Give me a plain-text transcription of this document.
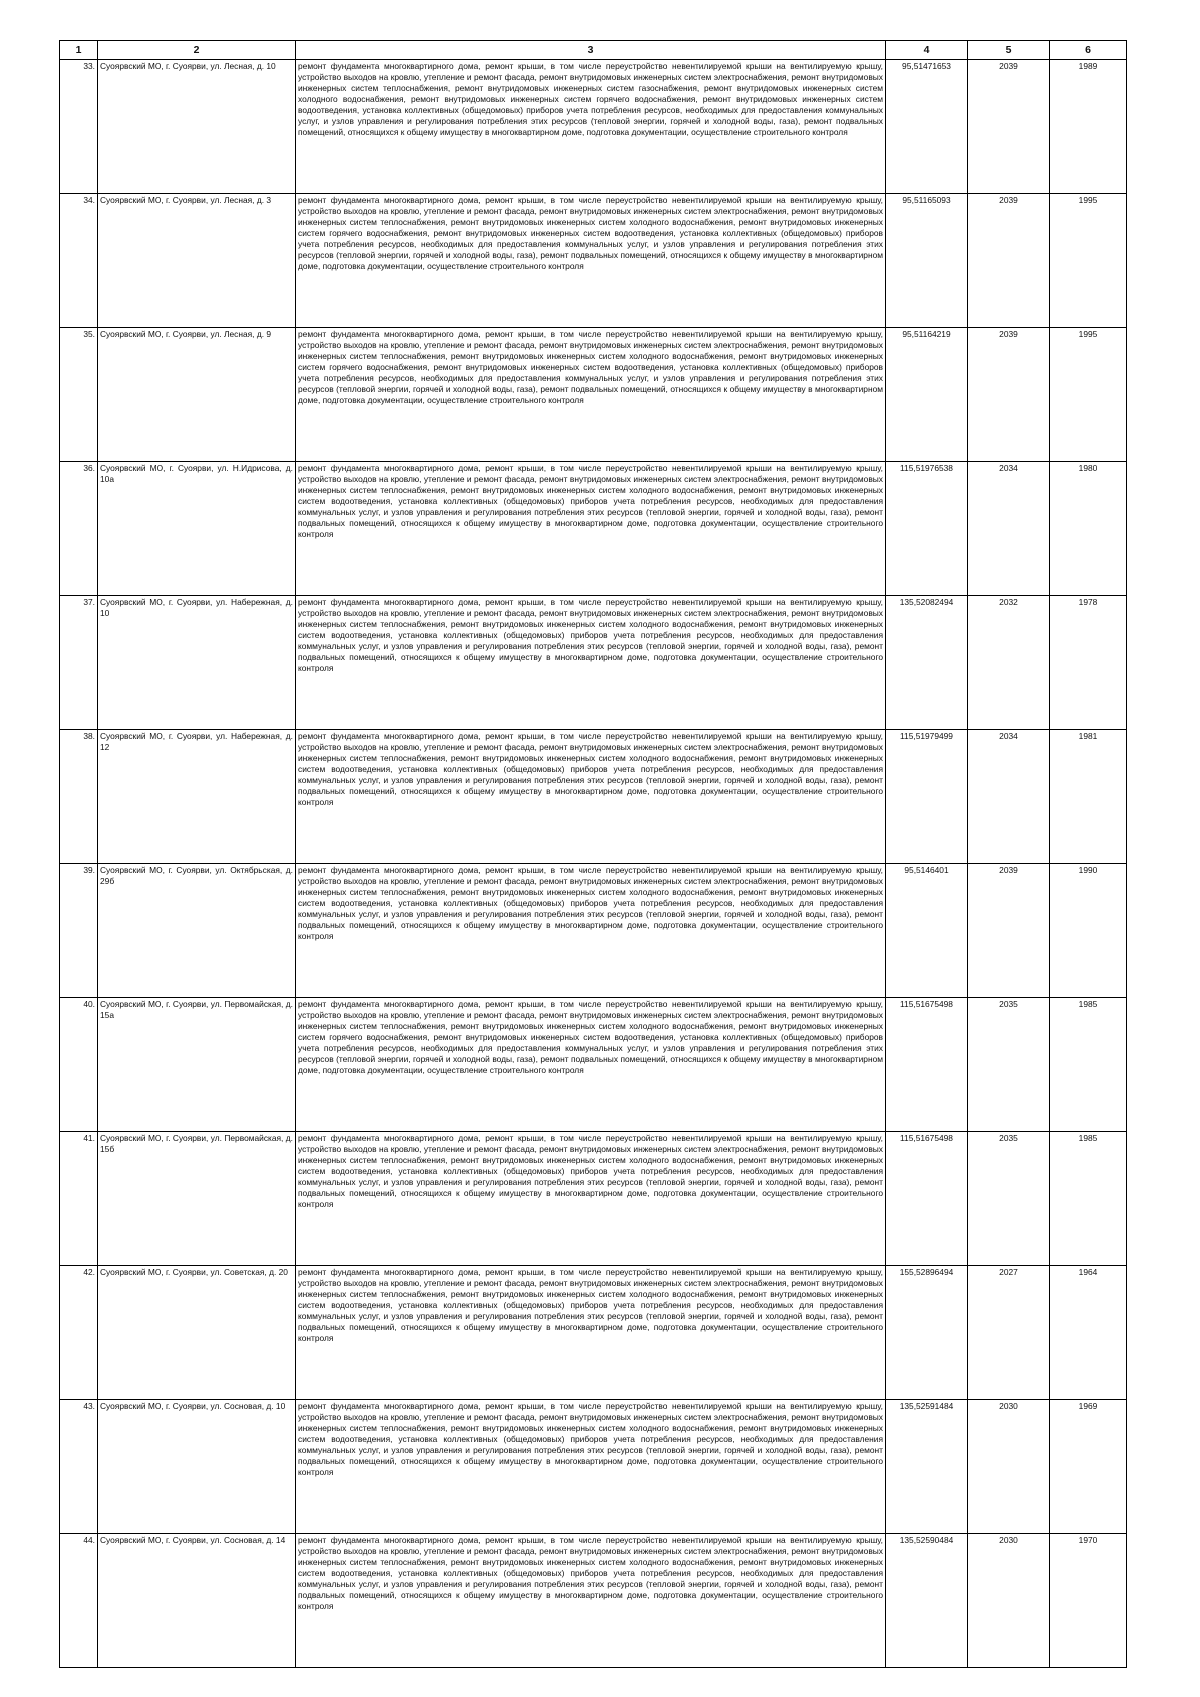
1	2	3	4	5	6
33.	Суоярвский МО, г. Суоярви, ул. Лесная, д. 10	ремонт фундамента многоквартирного дома, ремонт крыши, в том числе переустройство невентилируемой крыши на вентилируемую крышу, устройство выходов на кровлю, утепление и ремонт фасада, ремонт внутридомовых инженерных систем электроснабжения, ремонт внутридомовых инженерных систем теплоснабжения, ремонт внутридомовых инженерных систем газоснабжения, ремонт внутридомовых инженерных систем холодного водоснабжения, ремонт внутридомовых инженерных систем горячего водоснабжения, ремонт внутридомовых инженерных систем водоотведения, установка коллективных (общедомовых) приборов учета потребления ресурсов, необходимых для предоставления коммунальных услуг, и узлов управления и регулирования потребления этих ресурсов (тепловой энергии, горячей и холодной воды, газа), ремонт подвальных помещений, относящихся к общему имуществу в многоквартирном доме, подготовка документации, осуществление строительного контроля	95,51471653	2039	1989
34.	Суоярвский МО, г. Суоярви, ул. Лесная, д. 3	ремонт фундамента многоквартирного дома, ремонт крыши, в том числе переустройство невентилируемой крыши на вентилируемую крышу, устройство выходов на кровлю, утепление и ремонт фасада, ремонт внутридомовых инженерных систем электроснабжения, ремонт внутридомовых инженерных систем теплоснабжения, ремонт внутридомовых инженерных систем холодного водоснабжения, ремонт внутридомовых инженерных систем горячего водоснабжения, ремонт внутридомовых инженерных систем водоотведения, установка коллективных (общедомовых) приборов учета потребления ресурсов, необходимых для предоставления коммунальных услуг, и узлов управления и регулирования потребления этих ресурсов (тепловой энергии, горячей и холодной воды, газа), ремонт подвальных помещений, относящихся к общему имуществу в многоквартирном доме, подготовка документации, осуществление строительного контроля	95,51165093	2039	1995
35.	Суоярвский МО, г. Суоярви, ул. Лесная, д. 9	ремонт фундамента многоквартирного дома, ремонт крыши, в том числе переустройство невентилируемой крыши на вентилируемую крышу, устройство выходов на кровлю, утепление и ремонт фасада, ремонт внутридомовых инженерных систем электроснабжения, ремонт внутридомовых инженерных систем теплоснабжения, ремонт внутридомовых инженерных систем холодного водоснабжения, ремонт внутридомовых инженерных систем горячего водоснабжения, ремонт внутридомовых инженерных систем водоотведения, установка коллективных (общедомовых) приборов учета потребления ресурсов, необходимых для предоставления коммунальных услуг, и узлов управления и регулирования потребления этих ресурсов (тепловой энергии, горячей и холодной воды, газа), ремонт подвальных помещений, относящихся к общему имуществу в многоквартирном доме, подготовка документации, осуществление строительного контроля	95,51164219	2039	1995
36.	Суоярвский МО, г. Суоярви, ул. Н.Идрисова, д. 10а	ремонт фундамента многоквартирного дома, ремонт крыши, в том числе переустройство невентилируемой крыши на вентилируемую крышу, устройство выходов на кровлю, утепление и ремонт фасада, ремонт внутридомовых инженерных систем электроснабжения, ремонт внутридомовых инженерных систем теплоснабжения, ремонт внутридомовых инженерных систем холодного водоснабжения, ремонт внутридомовых инженерных систем водоотведения, установка коллективных (общедомовых) приборов учета потребления ресурсов, необходимых для предоставления коммунальных услуг, и узлов управления и регулирования потребления этих ресурсов (тепловой энергии, горячей и холодной воды, газа), ремонт подвальных помещений, относящихся к общему имуществу в многоквартирном доме, подготовка документации, осуществление строительного контроля	115,51976538	2034	1980
37.	Суоярвский МО, г. Суоярви, ул. Набережная, д. 10	ремонт фундамента многоквартирного дома, ремонт крыши, в том числе переустройство невентилируемой крыши на вентилируемую крышу, устройство выходов на кровлю, утепление и ремонт фасада, ремонт внутридомовых инженерных систем электроснабжения, ремонт внутридомовых инженерных систем теплоснабжения, ремонт внутридомовых инженерных систем холодного водоснабжения, ремонт внутридомовых инженерных систем водоотведения, установка коллективных (общедомовых) приборов учета потребления ресурсов, необходимых для предоставления коммунальных услуг, и узлов управления и регулирования потребления этих ресурсов (тепловой энергии, горячей и холодной воды, газа), ремонт подвальных помещений, относящихся к общему имуществу в многоквартирном доме, подготовка документации, осуществление строительного контроля	135,52082494	2032	1978
38.	Суоярвский МО, г. Суоярви, ул. Набережная, д. 12	ремонт фундамента многоквартирного дома, ремонт крыши, в том числе переустройство невентилируемой крыши на вентилируемую крышу, устройство выходов на кровлю, утепление и ремонт фасада, ремонт внутридомовых инженерных систем электроснабжения, ремонт внутридомовых инженерных систем теплоснабжения, ремонт внутридомовых инженерных систем холодного водоснабжения, ремонт внутридомовых инженерных систем водоотведения, установка коллективных (общедомовых) приборов учета потребления ресурсов, необходимых для предоставления коммунальных услуг, и узлов управления и регулирования потребления этих ресурсов (тепловой энергии, горячей и холодной воды, газа), ремонт подвальных помещений, относящихся к общему имуществу в многоквартирном доме, подготовка документации, осуществление строительного контроля	115,51979499	2034	1981
39.	Суоярвский МО, г. Суоярви, ул. Октябрьская, д. 29б	ремонт фундамента многоквартирного дома, ремонт крыши, в том числе переустройство невентилируемой крыши на вентилируемую крышу, устройство выходов на кровлю, утепление и ремонт фасада, ремонт внутридомовых инженерных систем электроснабжения, ремонт внутридомовых инженерных систем теплоснабжения, ремонт внутридомовых инженерных систем холодного водоснабжения, ремонт внутридомовых инженерных систем водоотведения, установка коллективных (общедомовых) приборов учета потребления ресурсов, необходимых для предоставления коммунальных услуг, и узлов управления и регулирования потребления этих ресурсов (тепловой энергии, горячей и холодной воды, газа), ремонт подвальных помещений, относящихся к общему имуществу в многоквартирном доме, подготовка документации, осуществление строительного контроля	95,5146401	2039	1990
40.	Суоярвский МО, г. Суоярви, ул. Первомайская, д. 15а	ремонт фундамента многоквартирного дома, ремонт крыши, в том числе переустройство невентилируемой крыши на вентилируемую крышу, устройство выходов на кровлю, утепление и ремонт фасада, ремонт внутридомовых инженерных систем электроснабжения, ремонт внутридомовых инженерных систем теплоснабжения, ремонт внутридомовых инженерных систем холодного водоснабжения, ремонт внутридомовых инженерных систем горячего водоснабжения, ремонт внутридомовых инженерных систем водоотведения, установка коллективных (общедомовых) приборов учета потребления ресурсов, необходимых для предоставления коммунальных услуг, и узлов управления и регулирования потребления этих ресурсов (тепловой энергии, горячей и холодной воды, газа), ремонт подвальных помещений, относящихся к общему имуществу в многоквартирном доме, подготовка документации, осуществление строительного контроля	115,51675498	2035	1985
41.	Суоярвский МО, г. Суоярви, ул. Первомайская, д. 15б	ремонт фундамента многоквартирного дома, ремонт крыши, в том числе переустройство невентилируемой крыши на вентилируемую крышу, устройство выходов на кровлю, утепление и ремонт фасада, ремонт внутридомовых инженерных систем электроснабжения, ремонт внутридомовых инженерных систем теплоснабжения, ремонт внутридомовых инженерных систем холодного водоснабжения, ремонт внутридомовых инженерных систем водоотведения, установка коллективных (общедомовых) приборов учета потребления ресурсов, необходимых для предоставления коммунальных услуг, и узлов управления и регулирования потребления этих ресурсов (тепловой энергии, горячей и холодной воды, газа), ремонт подвальных помещений, относящихся к общему имуществу в многоквартирном доме, подготовка документации, осуществление строительного контроля	115,51675498	2035	1985
42.	Суоярвский МО, г. Суоярви, ул. Советская, д. 20	ремонт фундамента многоквартирного дома, ремонт крыши, в том числе переустройство невентилируемой крыши на вентилируемую крышу, устройство выходов на кровлю, утепление и ремонт фасада, ремонт внутридомовых инженерных систем электроснабжения, ремонт внутридомовых инженерных систем теплоснабжения, ремонт внутридомовых инженерных систем холодного водоснабжения, ремонт внутридомовых инженерных систем водоотведения, установка коллективных (общедомовых) приборов учета потребления ресурсов, необходимых для предоставления коммунальных услуг, и узлов управления и регулирования потребления этих ресурсов (тепловой энергии, горячей и холодной воды, газа), ремонт подвальных помещений, относящихся к общему имуществу в многоквартирном доме, подготовка документации, осуществление строительного контроля	155,52896494	2027	1964
43.	Суоярвский МО, г. Суоярви, ул. Сосновая, д. 10	ремонт фундамента многоквартирного дома, ремонт крыши, в том числе переустройство невентилируемой крыши на вентилируемую крышу, устройство выходов на кровлю, утепление и ремонт фасада, ремонт внутридомовых инженерных систем электроснабжения, ремонт внутридомовых инженерных систем теплоснабжения, ремонт внутридомовых инженерных систем холодного водоснабжения, ремонт внутридомовых инженерных систем водоотведения, установка коллективных (общедомовых) приборов учета потребления ресурсов, необходимых для предоставления коммунальных услуг, и узлов управления и регулирования потребления этих ресурсов (тепловой энергии, горячей и холодной воды, газа), ремонт подвальных помещений, относящихся к общему имуществу в многоквартирном доме, подготовка документации, осуществление строительного контроля	135,52591484	2030	1969
44.	Суоярвский МО, г. Суоярви, ул. Сосновая, д. 14	ремонт фундамента многоквартирного дома, ремонт крыши, в том числе переустройство невентилируемой крыши на вентилируемую крышу, устройство выходов на кровлю, утепление и ремонт фасада, ремонт внутридомовых инженерных систем электроснабжения, ремонт внутридомовых инженерных систем теплоснабжения, ремонт внутридомовых инженерных систем холодного водоснабжения, ремонт внутридомовых инженерных систем водоотведения, установка коллективных (общедомовых) приборов учета потребления ресурсов, необходимых для предоставления коммунальных услуг, и узлов управления и регулирования потребления этих ресурсов (тепловой энергии, горячей и холодной воды, газа), ремонт подвальных помещений, относящихся к общему имуществу в многоквартирном доме, подготовка документации, осуществление строительного контроля	135,52590484	2030	1970
